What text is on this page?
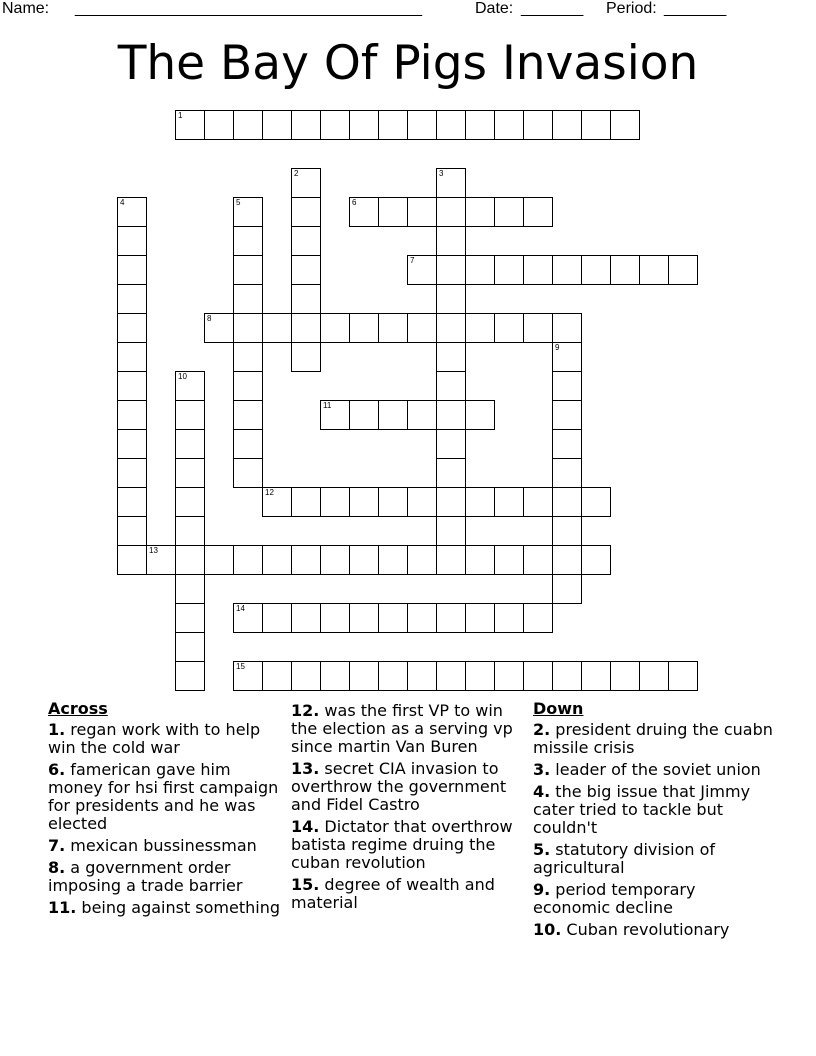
Name: _______________________________________	Date: _______ Period: _______
The Bay Of Pigs Invasion
1
2	3
4	5	6
7
8
9
10
11
12
13
14
15
Across
1. regan work with to help win the cold war
6. famerican gave him money for hsi first campaign for presidents and he was elected
7. mexican bussinessman
8. a government order imposing a trade barrier
11. being against something
12. was the first VP to win the election as a serving vp since martin Van Buren
13. secret CIA invasion to overthrow the government and Fidel Castro
14. Dictator that overthrow batista regime druing the cuban revolution
15. degree of wealth and material
Down
2. president druing the cuabn missile crisis
3. leader of the soviet union
4. the big issue that Jimmy cater tried to tackle but couldn't
5. statutory division of agricultural
9. period temporary economic decline
10. Cuban revolutionary
